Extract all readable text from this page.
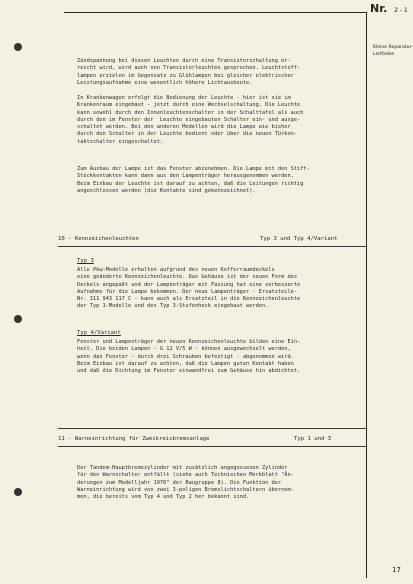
Nr. 2 - 1
Kleine Reparatur-Leitfaden
Zündspannung bei diesen Leuchten durch eine Transistorschaltung er-
reicht wird, wird auch von Transistorleuchten gesprochen. Leuchtstoff-
lampen erzielen im Gegensatz zu Glühlampen bei gleicher elektrischer
Leistungsaufnahme eine wesentlich höhere Lichtausbeute.
In Krankenwagen erfolgt die Bedienung der Leuchte - hier ist sie im
Krankenraum eingebaut - jetzt durch eine Wechselschaltung. Die Leuchte
kann sowohl durch den Innenleuchtenschalter in der Schalttafel als auch
durch den im Fenster der  Leuchte eingebauten Schalter ein- und ausge-
schaltet werden. Bei den anderen Modellen wird die Lampe wie bisher
durch den Schalter in der Leuchte bedient oder über die neuen Türkon-
taktschalter eingeschaltet.
Zum Ausbau der Lampe ist das Fenster abzunehmen. Die Lampe mit den Stift-
Steckkontakten kann dann aus den Lampenträger herausgenommen werden.
Beim Einbau der Leuchte ist darauf zu achten, daß die Leitungen richtig
angeschlossen werden (die Kontakte sind gekennzeichnet).
10 - Kennzeichenleuchten	Typ 3 und Typ 4/Variant
Typ 3
Alle Pkw-Modelle erhalten aufgrund des neuen Kofferraumdeckels
eine geänderte Kennzeichenleuchte. Das Gehäuse ist der neuen Form des
Deckels angepaßt und der Lampenträger mit Fassung hat eine verbesserte
Aufnahme für die Lampe bekommen. Der neue Lampenträger - Ersatzteile-
Nr. 311 943 117 C - kann auch als Ersatzteil in die Kennzeichenleuchte
der Typ 1-Modelle und des Typ 3-Stufenheck eingebaut werden.
Typ 4/Variant
Fenster und Lampenträger der neuen Kennzeichenleuchte bilden eine Ein-
heit. Die beiden Lampen - G 12 V/5 W - können ausgewechselt werden,
wenn das Fenster - durch drei Schrauben befestigt - abgenommen wird.
Beim Einbau ist darauf zu achten, daß die Lampen guten Kontakt haben
und daß die Dichtung im Fenster einwandfrei zum Gehäuse hin abdichtet.
11 - Warneinrichtung für Zweikreisbremsanlage	Typ 1 und 3
Der Tandem-Hauptbremszylinder mit zusätzlich angegossenen Zylinder
für den Warnschalter entfällt (siehe auch Technischen Merkblatt "Än-
derungen zum Modelljahr 1970" der Baugruppe 8). Die Funktion der
Warneinrichtung wird von zwei 3-poligen Bremslichtschaltern übernom-
men, die bereits vom Typ 4 und Typ 2 her bekannt sind.
17
